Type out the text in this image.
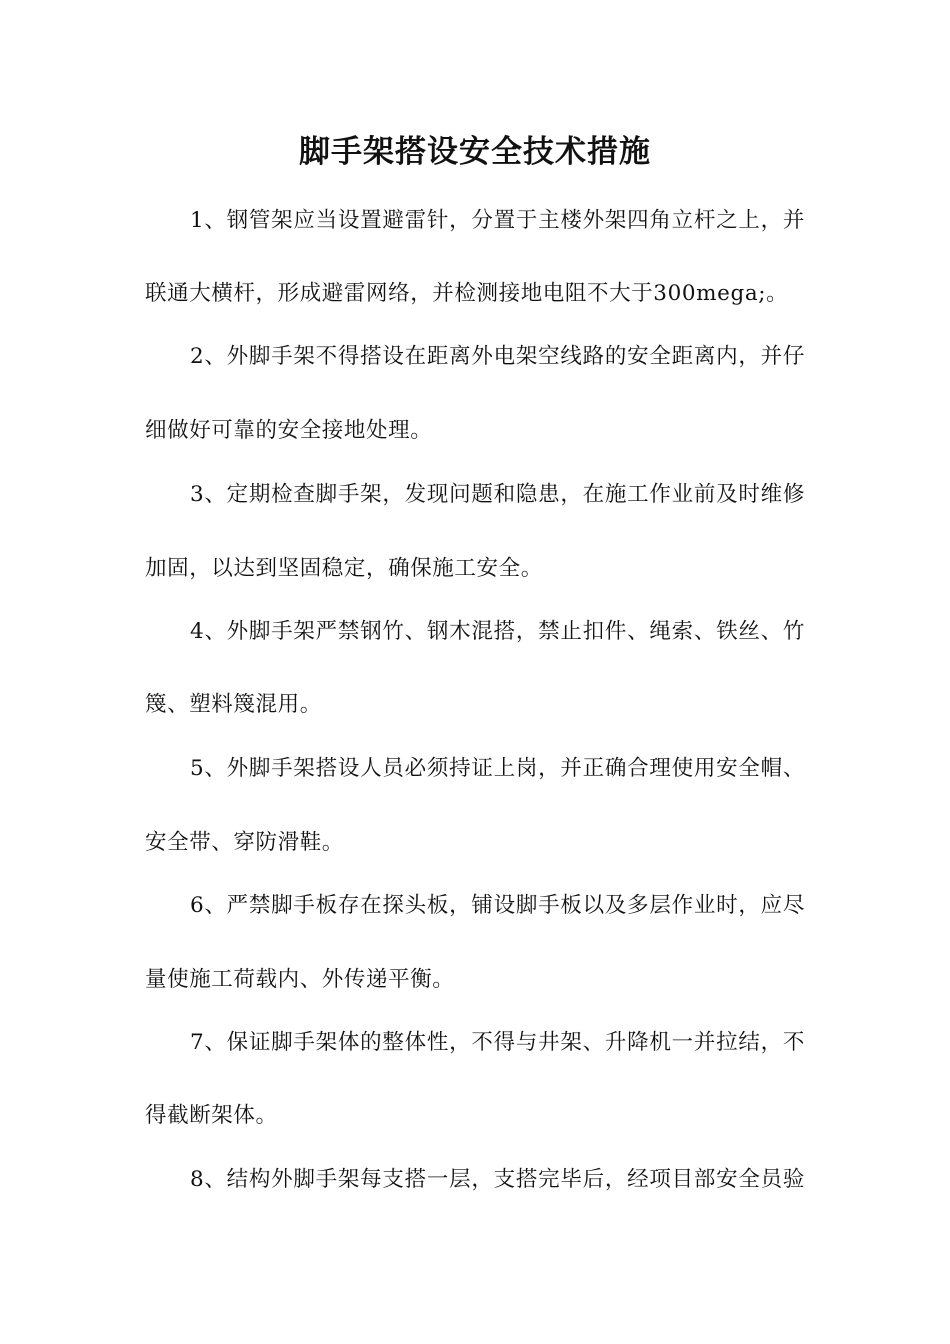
脚手架搭设安全技术措施
1、钢管架应当设置避雷针，分置于主楼外架四角立杆之上，并
联通大横杆，形成避雷网络，并检测接地电阻不大于300mega;。
2、外脚手架不得搭设在距离外电架空线路的安全距离内，并仔
细做好可靠的安全接地处理。
3、定期检查脚手架，发现问题和隐患，在施工作业前及时维修
加固，以达到坚固稳定，确保施工安全。
4、外脚手架严禁钢竹、钢木混搭，禁止扣件、绳索、铁丝、竹
篾、塑料篾混用。
5、外脚手架搭设人员必须持证上岗，并正确合理使用安全帽、
安全带、穿防滑鞋。
6、严禁脚手板存在探头板，铺设脚手板以及多层作业时，应尽
量使施工荷载内、外传递平衡。
7、保证脚手架体的整体性，不得与井架、升降机一并拉结，不
得截断架体。
8、结构外脚手架每支搭一层，支搭完毕后，经项目部安全员验
